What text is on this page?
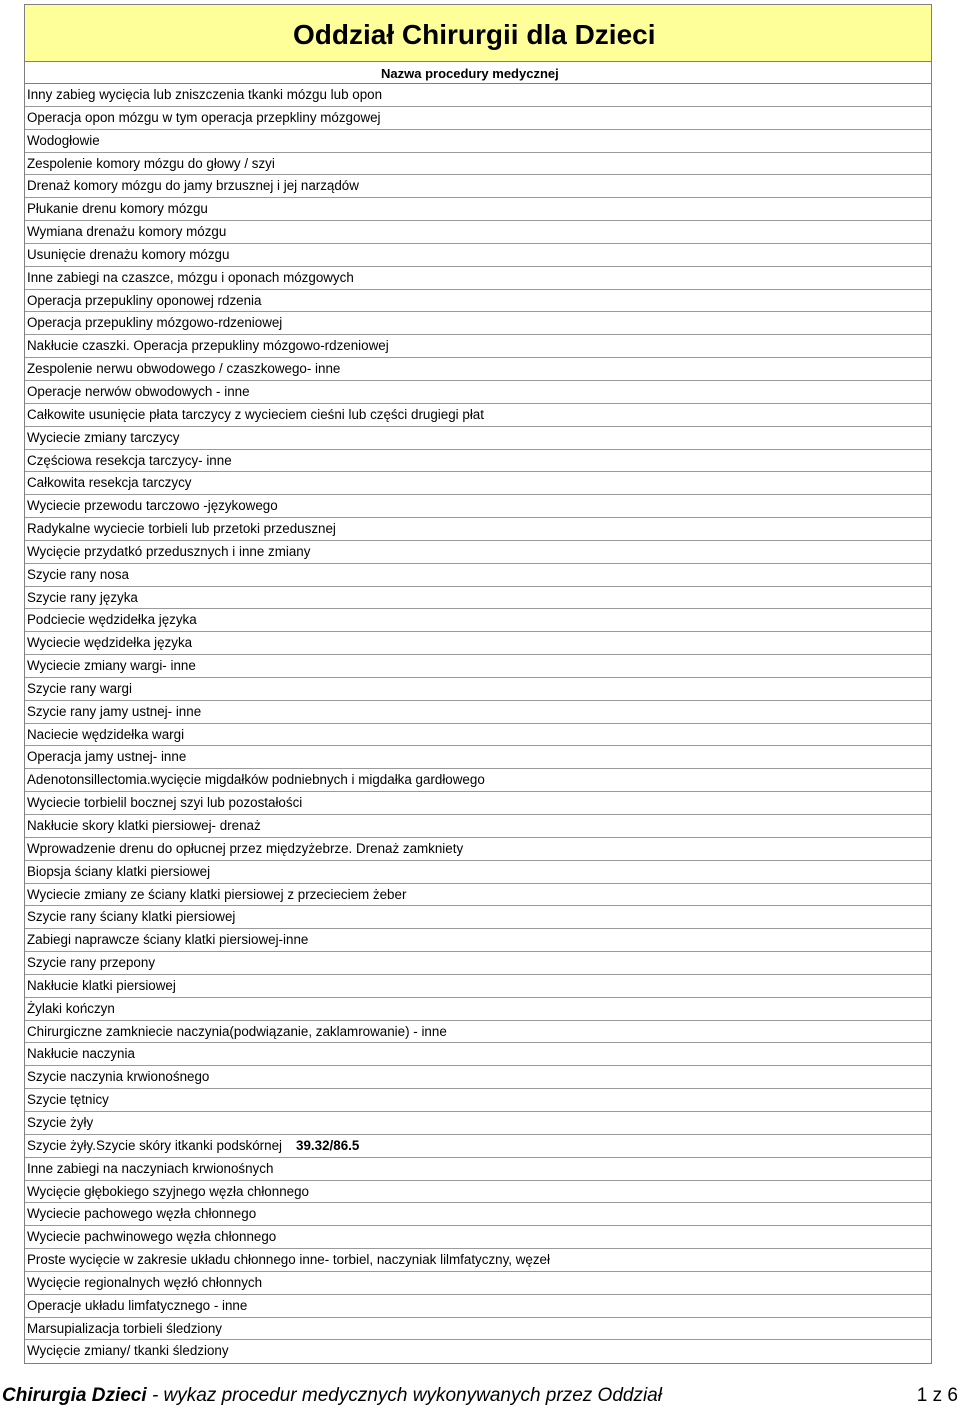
Oddział Chirurgii dla Dzieci
Nazwa procedury medycznej
Inny zabieg wycięcia lub zniszczenia tkanki mózgu lub opon
Operacja opon mózgu w tym operacja przepkliny mózgowej
Wodogłowie
Zespolenie komory mózgu do głowy / szyi
Drenaż komory mózgu do jamy brzusznej i jej narządów
Płukanie drenu komory mózgu
Wymiana drenażu komory mózgu
Usunięcie drenażu komory mózgu
Inne zabiegi na czaszce, mózgu i oponach mózgowych
Operacja przepukliny oponowej rdzenia
Operacja przepukliny mózgowo-rdzeniowej
Nakłucie czaszki. Operacja przepukliny mózgowo-rdzeniowej
Zespolenie nerwu obwodowego / czaszkowego- inne
Operacje nerwów obwodowych - inne
Całkowite usunięcie płata tarczycy z wycieciem cieśni lub części drugiegi płat
Wyciecie zmiany tarczycy
Częściowa resekcja tarczycy- inne
Całkowita resekcja tarczycy
Wyciecie przewodu tarczowo -językowego
Radykalne wyciecie torbieli lub przetoki przedusznej
Wycięcie przydatkó przedusznych i inne zmiany
Szycie rany nosa
Szycie rany języka
Podciecie wędzidełka języka
Wyciecie wędzidełka języka
Wyciecie zmiany wargi- inne
Szycie rany wargi
Szycie rany jamy ustnej- inne
Naciecie wędzidełka wargi
Operacja jamy ustnej- inne
Adenotonsillectomia.wycięcie migdałków podniebnych i migdałka gardłowego
Wyciecie torbielil bocznej szyi lub pozostałości
Nakłucie skory klatki piersiowej- drenaż
Wprowadzenie drenu do opłucnej przez międzyżebrze. Drenaż zamkniety
Biopsja ściany klatki piersiowej
Wyciecie zmiany ze ściany klatki piersiowej z przecieciem żeber
Szycie rany ściany klatki piersiowej
Zabiegi naprawcze ściany klatki piersiowej-inne
Szycie rany przepony
Nakłucie klatki piersiowej
Żylaki kończyn
Chirurgiczne zamkniecie naczynia(podwiązanie, zaklamrowanie) - inne
Nakłucie naczynia
Szycie naczynia krwionośnego
Szycie tętnicy
Szycie żyły
Szycie żyły.Szycie skóry itkanki podskórnej 39.32/86.5
Inne zabiegi na naczyniach krwionośnych
Wycięcie głębokiego szyjnego węzła chłonnego
Wyciecie pachowego węzła chłonnego
Wyciecie pachwinowego węzła chłonnego
Proste wycięcie w zakresie układu chłonnego inne- torbiel, naczyniak lilmfatyczny, węzeł
Wycięcie regionalnych węzłó chłonnych
Operacje układu limfatycznego - inne
Marsupializacja torbieli śledziony
Wycięcie zmiany/ tkanki śledziony
Chirurgia Dzieci - wykaz procedur medycznych wykonywanych przez Oddział	1 z 6
